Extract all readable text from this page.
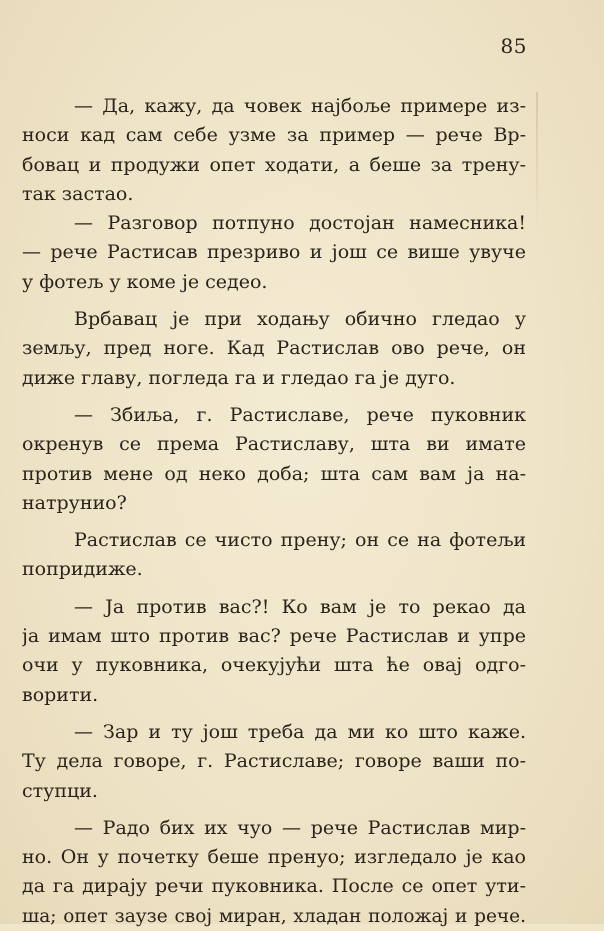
85
— Да, кажу, да човек најбоље примере из-
носи кад сам себе узме за пример — рече Вр-
бовац и продужи опет ходати, а беше за трену-
так застао.
— Разговор потпуно достојан намесника!
— рече Растисав презриво и још се више увуче
у фотељ у коме је седео.
Врбавац је при ходању обично гледао у
земљу, пред ноге. Кад Растислав ово рече, он
диже главу, погледа га и гледао га је дуго.
— Збиља, г. Растиславе, рече пуковник
окренув се према Растиславу, шта ви имате
против мене од неко доба; шта сам вам ја на-
натрунио?
Растислав се чисто прену; он се на фотељи
попридиже.
— Ја против вас?! Ко вам је то рекао да
ја имам што против вас? рече Растислав и упре
очи у пуковника, очекујући шта ће овај одго-
ворити.
— Зар и ту још треба да ми ко што каже.
Ту дела говоре, г. Растиславе; говоре ваши по-
ступци.
— Радо бих их чуо — рече Растислав мир-
но. Он у почетку беше пренуо; изгледало је као
да га дирају речи пуковника. После се опет ути-
ша; опет заузе свој миран, хладан положај и рече.
